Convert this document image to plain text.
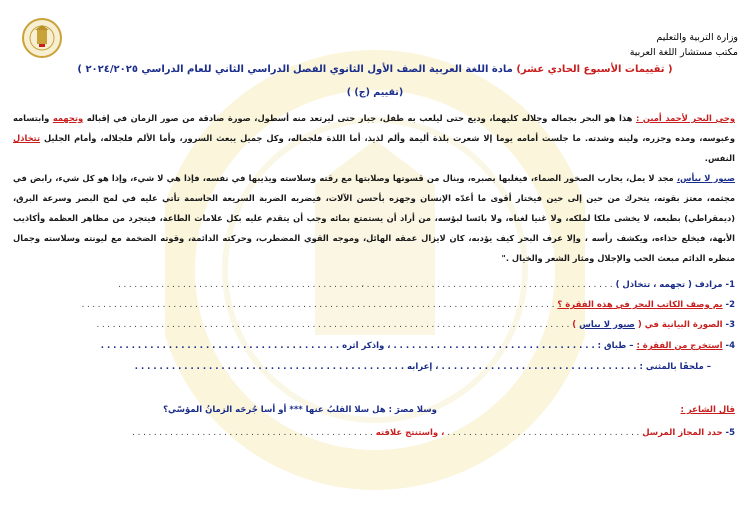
وزارة التربية والتعليم
مكتب مستشار اللغة العربية
( تقييمات الأسبوع الحادي عشر) مادة اللغة العربية الصف الأول الثانوي الفصل الدراسي الثاني للعام الدراسي ٢٠٢٤/٢٠٢٥ )
(تقييم (ج) )
وحي البحر لأحمد أمين : هذا هو البحر بجماله وجلاله كليهما، وديع حتى ليلعب به طفل، جبار حتى ليرتعد منه أسطول، صورة صادقة من صور الزمان في إقباله وتجهمه وابتسامه وعبوسه، ومده وجزره، ولينه وشدته. ما جلست أمامه يوما إلا شعرت بلذة أليمة وألم لذيذ، أما اللذة فلجماله، وكل جميل يبعث السرور، وأما الألم فلجلاله، وأمام الجليل تتخاذل النفس.
صبور لا ييأس، مجد لا يمل، يحارب الصخور الصماء، فيغلبها بصبره، وينال من قسوتها وصلابتها مع رقته وسلاسته ويذيبها في نفسه، فإذا هي لا شيء، وإذا هو كل شيء، رابض في مجثمه، معتز بقوته، يتحرك من حين إلى حين فيختار أقوى ما أعدّه الإنسان وجهزه بأحسن الآلات، فيضربه الضربة السريعة الحاسمة تأتي عليه في لمح البصر وسرعة البرق، (ديمقراطي) بطبعه، لا يخشى ملكا لملكه، ولا غنيا لغناه، ولا بائسا لبؤسه، من أراد أن يستمتع بمائه وجب أن يتقدم عليه بكل علامات الطاعة، فيتجرد من مظاهر العظمة وأكاذيب الأبهة، فيخلع حذاءه، ويكشف رأسه ، وإلا عرف البحر كيف يؤدبه، كان لايزال عمقه الهائل، وموجه القوي المضطرب، وحركته الدائمة، وقوته الضخمة مع ليونته وسلاسته وجمال منظره الدائم مبعث الحب والإجلال ومثار الشعر والخيال ."
1- مرادف ( تجهمه ، تتخاذل ) . . . . . . . . . . . . . . . . . . . . . . . . . . . . . . . . . . . . . . . . . . . . . . ، . . . . . . . . . . . . . . . . . . . . . . . . . . . . . . . . . . . . . . . . . . . . .
2- بم وصف الكاتب البحر في هذه الفقرة ؟ . . . . . . . . . . . . . . . . . . . . . . . . . . . . . . . . . . . . . . . . . . . . . . . . . . . . . . . . . . . . . . . . . . . . . . . . . . . . . . . . . . . . . . . .
3- الصورة البيانية في ( صبور لا ييأس ) . . . . . . . . . . . . . . . . . . . . . . . . . . . . . . . . . . . . . . . . . . . . . . . . . . . . . . . . . . . . . . . . . . . . . . . . . . . . . . . . . . . . . . . .
4- استخرج من الفقرة : – طباق : . . . . . . . . . . . . . . . . . . . . . . . . . . . . . . . . . ، واذكر أثره . . . . . . . . . . . . . . . . . . . . . . . . . . . . . . . . . . . . . . .
– ملحقًا بالمثنى : . . . . . . . . . . . . . . . . . . . . . . . . . . . . . . . . ، إعرابه . . . . . . . . . . . . . . . . . . . . . . . . . . . . . . . . . . . . . . . . . . . .
قال الشاعر :
وسلا مصرَ : هل سلا القلبُ عنها *** أو أسا جُرحَه الزمانُ المؤسّي؟
5- حدد المجاز المرسل . . . . . . . . . . . . . . . . . . . . . . . . . . . . . . . . . . . . ، واستنتج علاقته . . . . . . . . . . . . . . . . . . . . . . . . . . . . . . . . . . . . . . . . . . . . .
